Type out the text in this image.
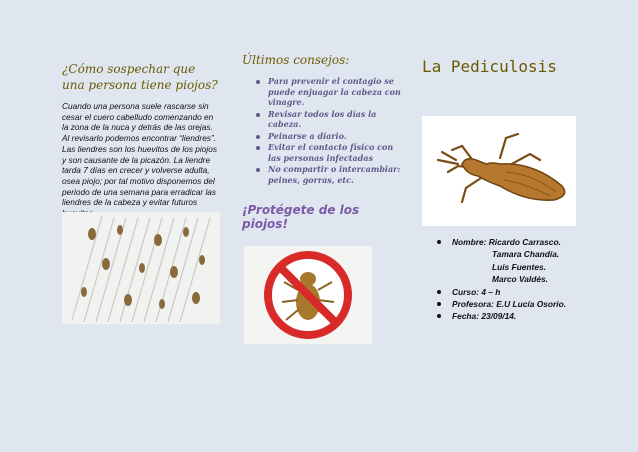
¿Cómo sospechar que una persona tiene piojos?

Cuando una persona suele rascarse sin cesar el cuero cabelludo comenzando en la zona de la nuca y detrás de las orejas. Al revisarlo podemos encontrar “liendres”. Las liendres son los huevitos de los piojos y son causante de la picazón. La liendre tarda 7 días en crecer y volverse adulta, osea piojo; por tal motivo disponemos del periodo de una semana para erradicar las liendres de la cabeza y evitar futuros

Últimos consejos:

Para prevenir el contagio se puede enjuagar la cabeza con vinagre.
Revisar todos los días la cabeza.
Peinarse a diario.
Evitar el contacto físico con las personas infectadas
No compartir o intercambiar: peines, gorras, etc.

¡Protégete de los piojos!

La Pediculosis

Nombre: Ricardo Carrasco.
Tamara Chandía.
Luis Fuentes.
Marco Valdés.
Curso: 4 – h
Profesora: E.U Lucía Osorio.
Fecha: 23/09/14.
